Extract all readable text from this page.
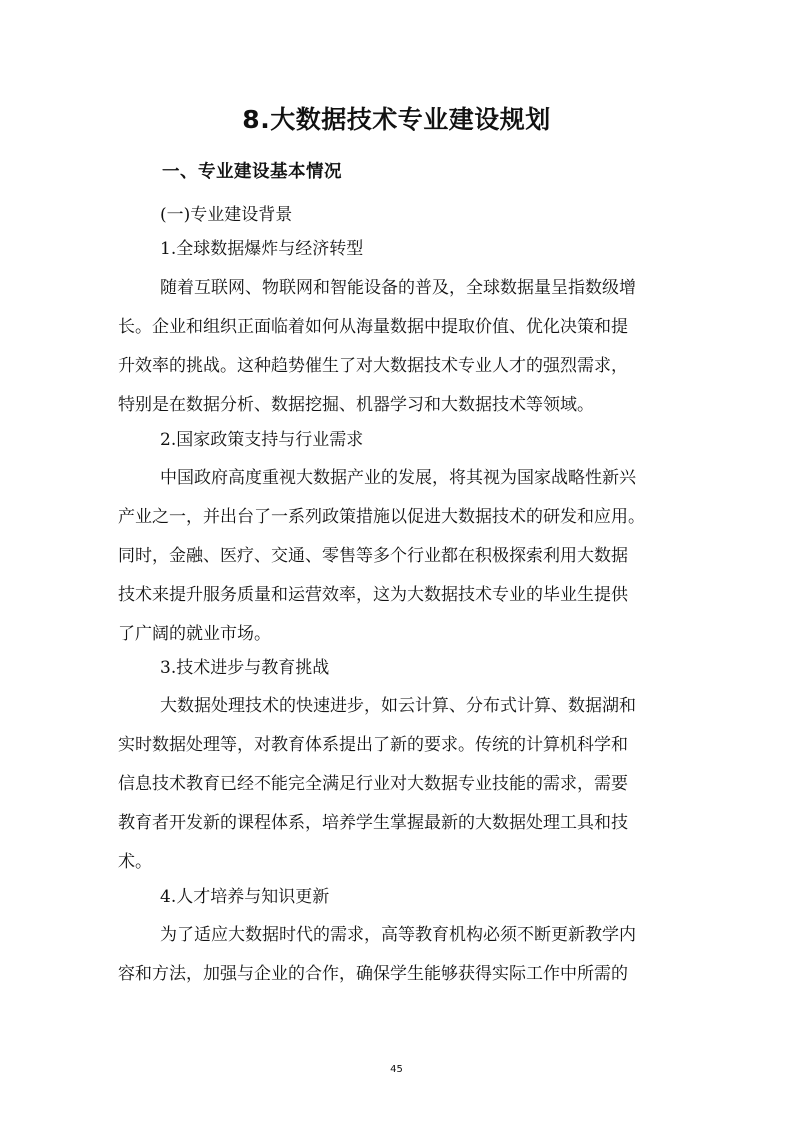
8.大数据技术专业建设规划
一、专业建设基本情况

(一)专业建设背景

1.全球数据爆炸与经济转型

随着互联网、物联网和智能设备的普及，全球数据量呈指数级增

长。企业和组织正面临着如何从海量数据中提取价值、优化决策和提

升效率的挑战。这种趋势催生了对大数据技术专业人才的强烈需求，

特别是在数据分析、数据挖掘、机器学习和大数据技术等领域。

2.国家政策支持与行业需求

中国政府高度重视大数据产业的发展，将其视为国家战略性新兴

产业之一，并出台了一系列政策措施以促进大数据技术的研发和应用。

同时，金融、医疗、交通、零售等多个行业都在积极探索利用大数据

技术来提升服务质量和运营效率，这为大数据技术专业的毕业生提供

了广阔的就业市场。

3.技术进步与教育挑战

大数据处理技术的快速进步，如云计算、分布式计算、数据湖和

实时数据处理等，对教育体系提出了新的要求。传统的计算机科学和

信息技术教育已经不能完全满足行业对大数据专业技能的需求，需要

教育者开发新的课程体系，培养学生掌握最新的大数据处理工具和技

术。

4.人才培养与知识更新

为了适应大数据时代的需求，高等教育机构必须不断更新教学内

容和方法，加强与企业的合作，确保学生能够获得实际工作中所需的

45
